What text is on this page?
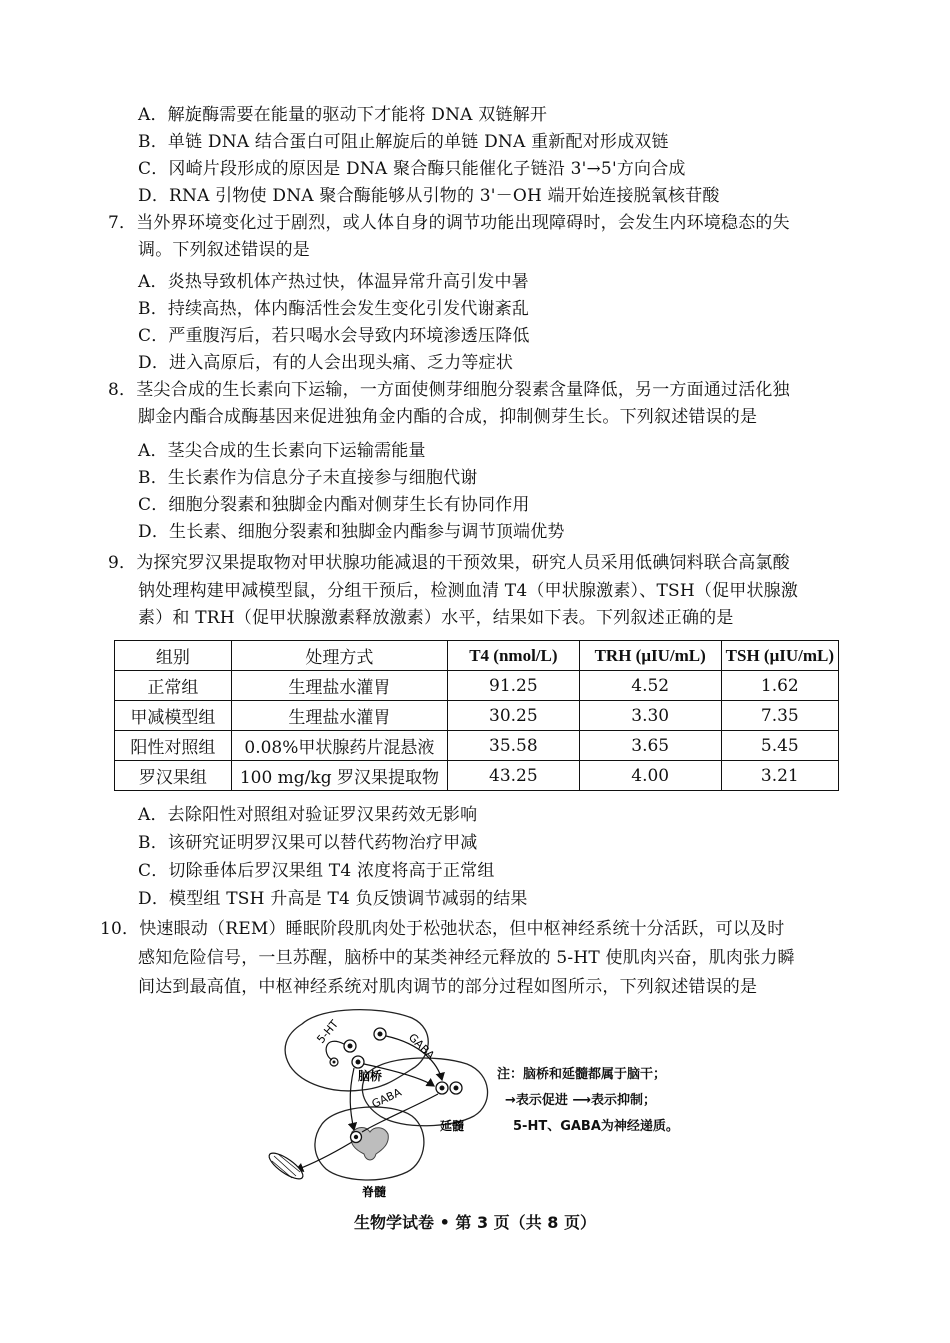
A．解旋酶需要在能量的驱动下才能将 DNA 双链解开
B．单链 DNA 结合蛋白可阻止解旋后的单链 DNA 重新配对形成双链
C．冈崎片段形成的原因是 DNA 聚合酶只能催化子链沿 3'→5'方向合成
D．RNA 引物使 DNA 聚合酶能够从引物的 3'－OH 端开始连接脱氧核苷酸
7．当外界环境变化过于剧烈，或人体自身的调节功能出现障碍时，会发生内环境稳态的失
调。下列叙述错误的是
A．炎热导致机体产热过快，体温异常升高引发中暑
B．持续高热，体内酶活性会发生变化引发代谢紊乱
C．严重腹泻后，若只喝水会导致内环境渗透压降低
D．进入高原后，有的人会出现头痛、乏力等症状
8．茎尖合成的生长素向下运输，一方面使侧芽细胞分裂素含量降低，另一方面通过活化独
脚金内酯合成酶基因来促进独角金内酯的合成，抑制侧芽生长。下列叙述错误的是
A．茎尖合成的生长素向下运输需能量
B．生长素作为信息分子未直接参与细胞代谢
C．细胞分裂素和独脚金内酯对侧芽生长有协同作用
D．生长素、细胞分裂素和独脚金内酯参与调节顶端优势
9．为探究罗汉果提取物对甲状腺功能减退的干预效果，研究人员采用低碘饲料联合高氯酸
钠处理构建甲减模型鼠，分组干预后，检测血清 T4（甲状腺激素）、TSH（促甲状腺激
素）和 TRH（促甲状腺激素释放激素）水平，结果如下表。下列叙述正确的是
组别	处理方式	T4 (nmol/L)	TRH (μIU/mL)	TSH (μIU/mL)
正常组	生理盐水灌胃	91.25	4.52	1.62
甲减模型组	生理盐水灌胃	30.25	3.30	7.35
阳性对照组	0.08%甲状腺药片混悬液	35.58	3.65	5.45
罗汉果组	100 mg/kg 罗汉果提取物	43.25	4.00	3.21
A．去除阳性对照组对验证罗汉果药效无影响
B．该研究证明罗汉果可以替代药物治疗甲减
C．切除垂体后罗汉果组 T4 浓度将高于正常组
D．模型组 TSH 升高是 T4 负反馈调节减弱的结果
10．快速眼动（REM）睡眠阶段肌肉处于松弛状态，但中枢神经系统十分活跃，可以及时
感知危险信号，一旦苏醒，脑桥中的某类神经元释放的 5-HT 使肌肉兴奋，肌肉张力瞬
间达到最高值，中枢神经系统对肌肉调节的部分过程如图所示，下列叙述错误的是
5-HT	GABA
GABA
脑桥
延髓
脊髓
注：脑桥和延髓都属于脑干；
→表示促进 ⟶表示抑制；
5-HT、GABA为神经递质。
生物学试卷 • 第 3 页（共 8 页）
